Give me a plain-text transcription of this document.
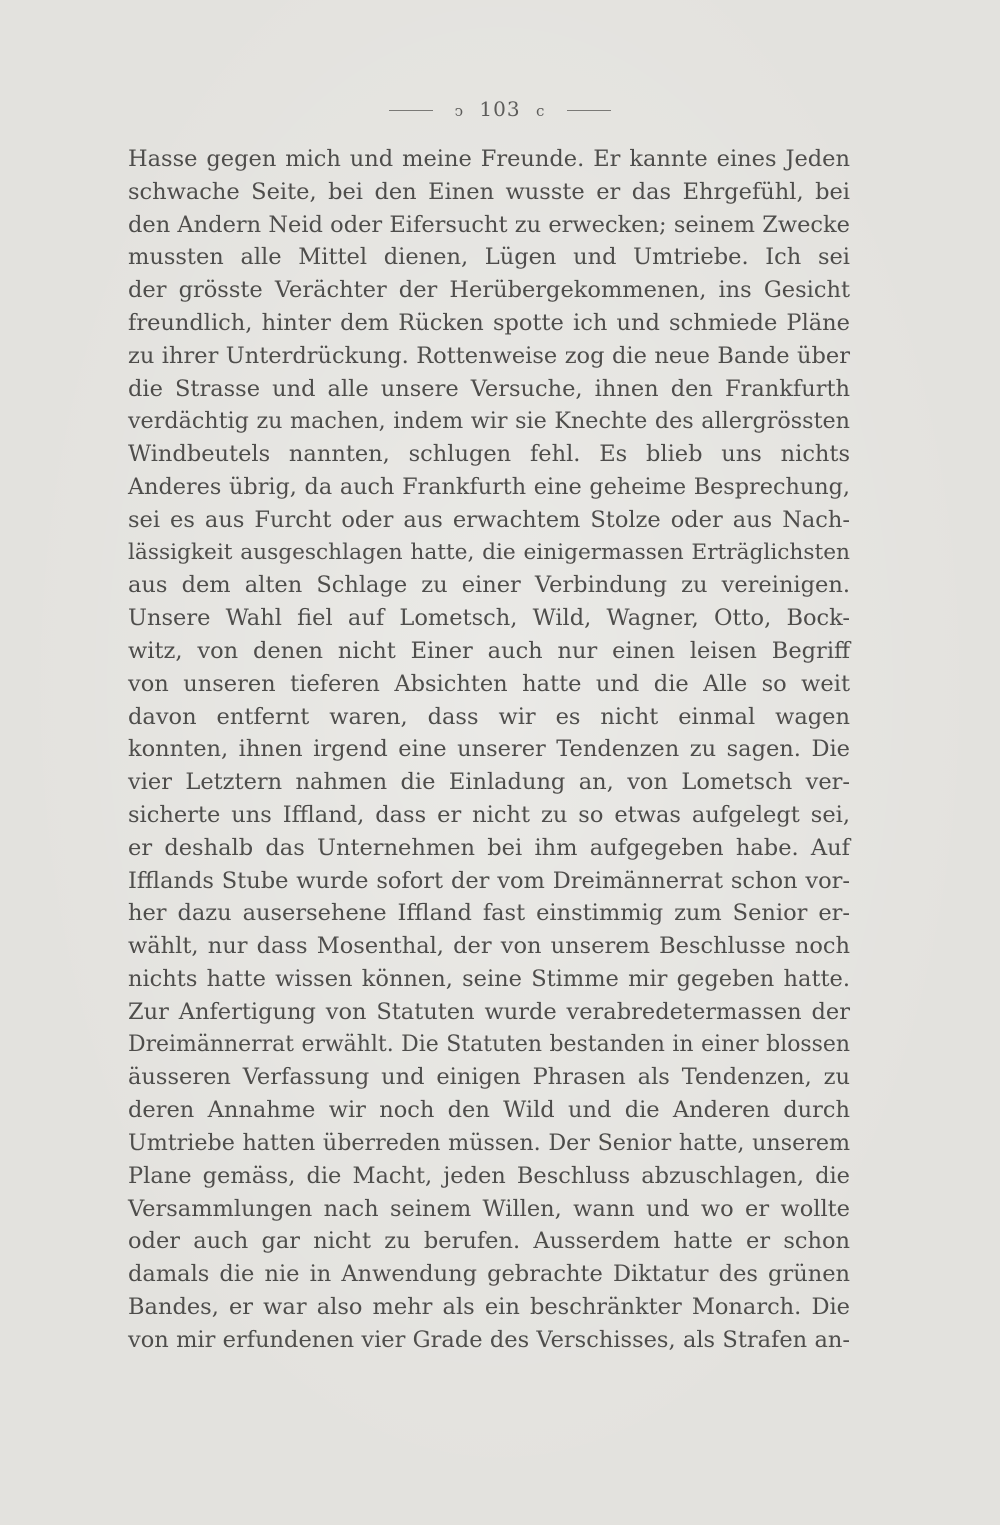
ↄ 103 c
Hasse gegen mich und meine Freunde. Er kannte eines Jeden
schwache Seite, bei den Einen wusste er das Ehrgefühl, bei
den Andern Neid oder Eifersucht zu erwecken; seinem Zwecke
mussten alle Mittel dienen, Lügen und Umtriebe. Ich sei
der grösste Verächter der Herübergekommenen, ins Gesicht
freundlich, hinter dem Rücken spotte ich und schmiede Pläne
zu ihrer Unterdrückung. Rottenweise zog die neue Bande über
die Strasse und alle unsere Versuche, ihnen den Frankfurth
verdächtig zu machen, indem wir sie Knechte des allergrössten
Windbeutels nannten, schlugen fehl. Es blieb uns nichts
Anderes übrig, da auch Frankfurth eine geheime Besprechung,
sei es aus Furcht oder aus erwachtem Stolze oder aus Nach-
lässigkeit ausgeschlagen hatte, die einigermassen Erträglichsten
aus dem alten Schlage zu einer Verbindung zu vereinigen.
Unsere Wahl fiel auf Lometsch, Wild, Wagner, Otto, Bock-
witz, von denen nicht Einer auch nur einen leisen Begriff
von unseren tieferen Absichten hatte und die Alle so weit
davon entfernt waren, dass wir es nicht einmal wagen
konnten, ihnen irgend eine unserer Tendenzen zu sagen. Die
vier Letztern nahmen die Einladung an, von Lometsch ver-
sicherte uns Iffland, dass er nicht zu so etwas aufgelegt sei,
er deshalb das Unternehmen bei ihm aufgegeben habe. Auf
Ifflands Stube wurde sofort der vom Dreimännerrat schon vor-
her dazu ausersehene Iffland fast einstimmig zum Senior er-
wählt, nur dass Mosenthal, der von unserem Beschlusse noch
nichts hatte wissen können, seine Stimme mir gegeben hatte.
Zur Anfertigung von Statuten wurde verabredetermassen der
Dreimännerrat erwählt. Die Statuten bestanden in einer blossen
äusseren Verfassung und einigen Phrasen als Tendenzen, zu
deren Annahme wir noch den Wild und die Anderen durch
Umtriebe hatten überreden müssen. Der Senior hatte, unserem
Plane gemäss, die Macht, jeden Beschluss abzuschlagen, die
Versammlungen nach seinem Willen, wann und wo er wollte
oder auch gar nicht zu berufen. Ausserdem hatte er schon
damals die nie in Anwendung gebrachte Diktatur des grünen
Bandes, er war also mehr als ein beschränkter Monarch. Die
von mir erfundenen vier Grade des Verschisses, als Strafen an-
